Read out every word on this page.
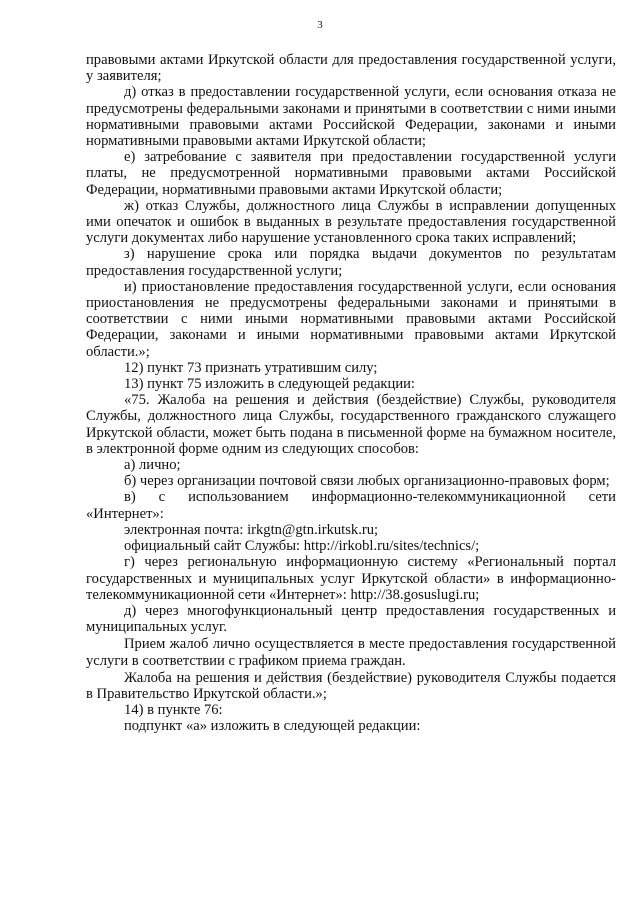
3

правовыми актами Иркутской области для предоставления государственной услуги, у заявителя;

д) отказ в предоставлении государственной услуги, если основания отказа не предусмотрены федеральными законами и принятыми в соответствии с ними иными нормативными правовыми актами Российской Федерации, законами и иными нормативными правовыми актами Иркутской области;

е) затребование с заявителя при предоставлении государственной услуги платы, не предусмотренной нормативными правовыми актами Российской Федерации, нормативными правовыми актами Иркутской области;

ж) отказ Службы, должностного лица Службы в исправлении допущенных ими опечаток и ошибок в выданных в результате предоставления государственной услуги документах либо нарушение установленного срока таких исправлений;

з) нарушение срока или порядка выдачи документов по результатам предоставления государственной услуги;

и) приостановление предоставления государственной услуги, если основания приостановления не предусмотрены федеральными законами и принятыми в соответствии с ними иными нормативными правовыми актами Российской Федерации, законами и иными нормативными правовыми актами Иркутской области.»;

12) пункт 73 признать утратившим силу;

13) пункт 75 изложить в следующей редакции:

«75. Жалоба на решения и действия (бездействие) Службы, руководителя Службы, должностного лица Службы, государственного гражданского служащего Иркутской области, может быть подана в письменной форме на бумажном носителе, в электронной форме одним из следующих способов:

а) лично;

б) через организации почтовой связи любых организационно-правовых форм;

в) с использованием информационно-телекоммуникационной сети «Интернет»:

электронная почта: irkgtn@gtn.irkutsk.ru;

официальный сайт Службы: http://irkobl.ru/sites/technics/;

г) через региональную информационную систему «Региональный портал государственных и муниципальных услуг Иркутской области» в информационно-телекоммуникационной сети «Интернет»: http://38.gosuslugi.ru;

д) через многофункциональный центр предоставления государственных и муниципальных услуг.

Прием жалоб лично осуществляется в месте предоставления государственной услуги в соответствии с графиком приема граждан.

Жалоба на решения и действия (бездействие) руководителя Службы подается в Правительство Иркутской области.»;

14) в пункте 76:

подпункт «а» изложить в следующей редакции:
